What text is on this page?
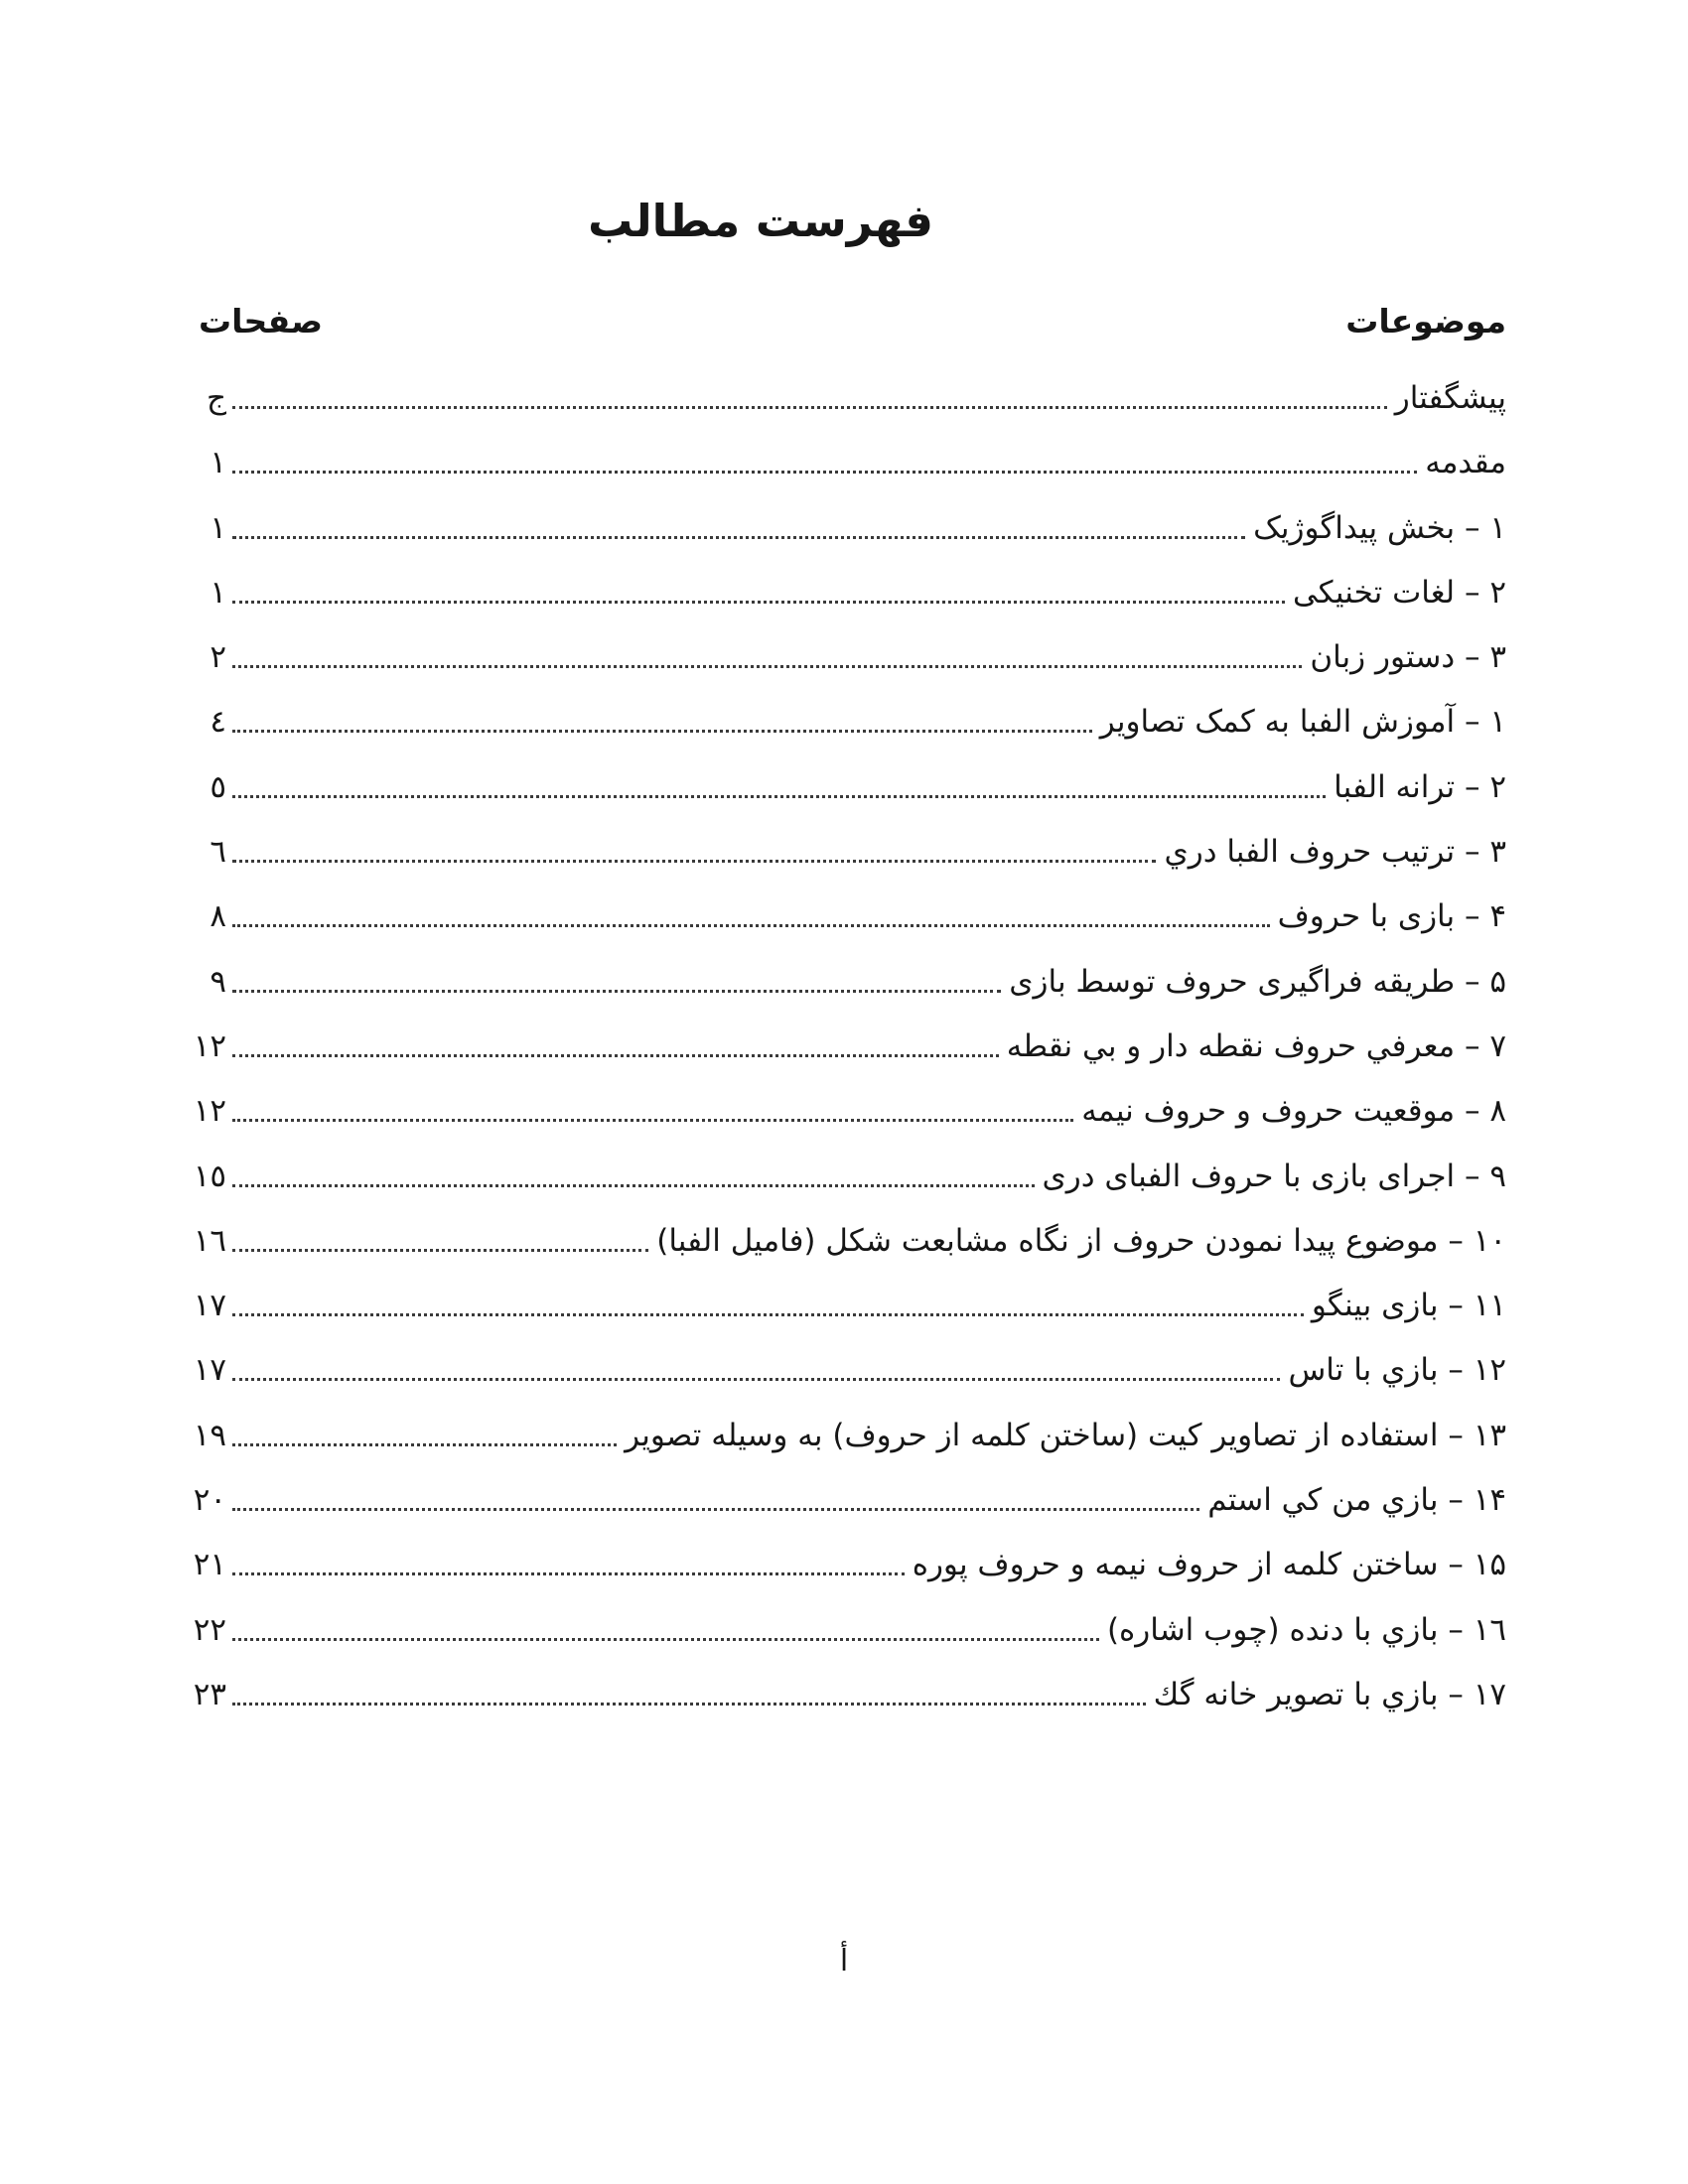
فهرست مطالب
موضوعات
صفحات
پیشگفتار
ج
مقدمه
١
۱ – بخش پیداگوژیک
١
۲ – لغات تخنیکی
١
۳ – دستور زبان
٢
۱ – آموزش الفبا به کمک تصاویر
٤
۲ – ترانه الفبا
٥
۳ – ترتیب حروف الفبا دري
٦
۴ – بازی با حروف
٨
۵ – طریقه فراگیری حروف توسط بازی
٩
۷ – معرفي حروف نقطه دار و بي نقطه
١٢
۸ – موقعیت حروف و حروف نیمه
١٢
۹ – اجرای بازی با حروف الفبای دری
١٥
۱۰ – موضوع پیدا نمودن حروف از نگاه مشابعت شکل (فامیل الفبا)
١٦
۱۱ – بازی بینگو
١٧
۱۲ – بازي با تاس
١٧
۱۳ – استفاده از تصاویر کیت (ساختن کلمه از حروف) به وسیله تصویر
١٩
۱۴ – بازي من کي استم
٢٠
۱۵ – ساختن کلمه از حروف نیمه و حروف پوره
٢١
۱٦ – بازي با دنده (چوب اشاره)
٢٢
۱۷ – بازي با تصویر خانه گك
٢٣
أ
